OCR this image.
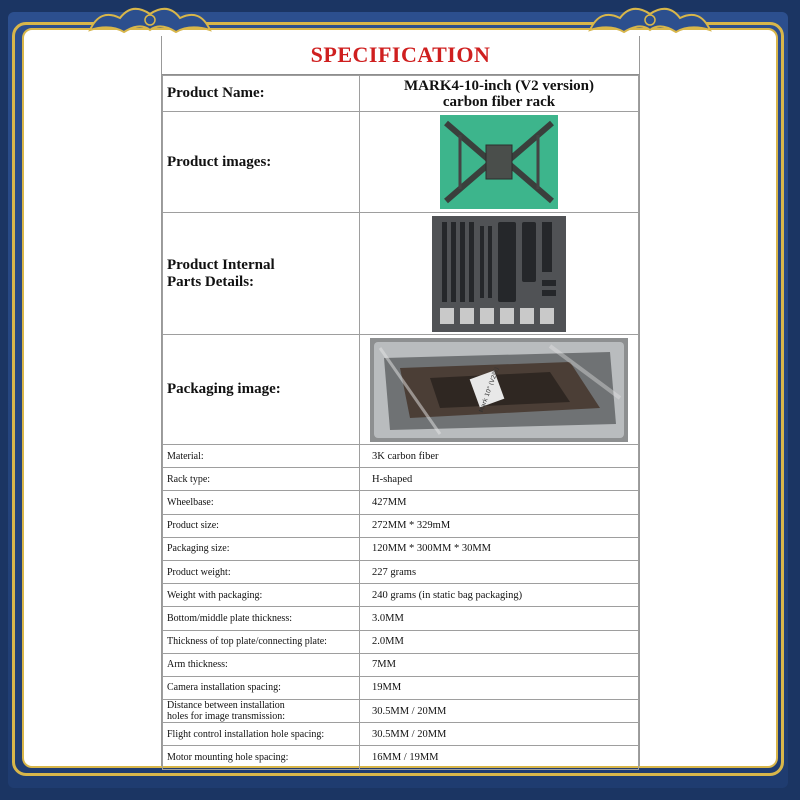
SPECIFICATION
Product Name:	MARK4-10-inch (V2 version)
carbon fiber rack

Product images:	

Product Internal
Parts Details:

Packaging image:	Mark 10" (V2版)

Material:	3K carbon fiber
Rack type:	H-shaped
Wheelbase:	427MM
Product size:	272MM * 329mM
Packaging size:	120MM * 300MM * 30MM
Product weight:	227 grams
Weight with packaging:	240 grams (in static bag packaging)
Bottom/middle plate thickness:	3.0MM
Thickness of top plate/connecting plate:	2.0MM
Arm thickness:	7MM
Camera installation spacing:	19MM

Distance between installation
holes for image transmission:	30.5MM / 20MM
Flight control installation hole spacing:	30.5MM / 20MM
Motor mounting hole spacing:	16MM / 19MM
